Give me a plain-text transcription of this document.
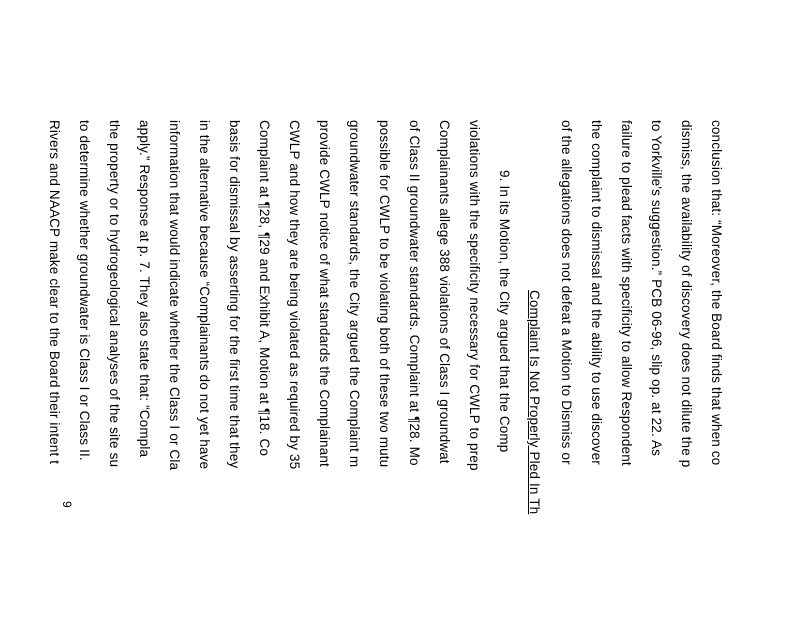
conclusion that: “Moreover, the Board finds that when co
dismiss, the availability of discovery does not dilute the p
to Yorkville's suggestion.” PCB 06-96, slip op. at 22. As
failure to plead facts with specificity to allow Respondent
the complaint to dismissal and the ability to use discover
of the allegations does not defeat a Motion to Dismiss or
Complaint Is Not Properly Pled In Th
9. In its Motion, the City argued that the Comp
violations with the specificity necessary for CWLP to prep
Complainants allege 388 violations of Class I groundwat
of Class II groundwater standards. Complaint at ¶28. Mo
possible for CWLP to be violating both of these two mutu
groundwater standards, the City argued the Complaint m
provide CWLP notice of what standards the Complainant
CWLP and how they are being violated as required by 35
Complaint at ¶28, ¶29 and Exhibit A, Motion at ¶18. Co
basis for dismissal by asserting for the first time that they
in the alternative because “Complainants do not yet have
information that would indicate whether the Class I or Cla
apply.” Response at p. 7. They also state that: “Compla
the property or to hydrogeological analyses of the site su
to determine whether groundwater is Class I or Class II.
Rivers and NAACP make clear to the Board their intent t
9
